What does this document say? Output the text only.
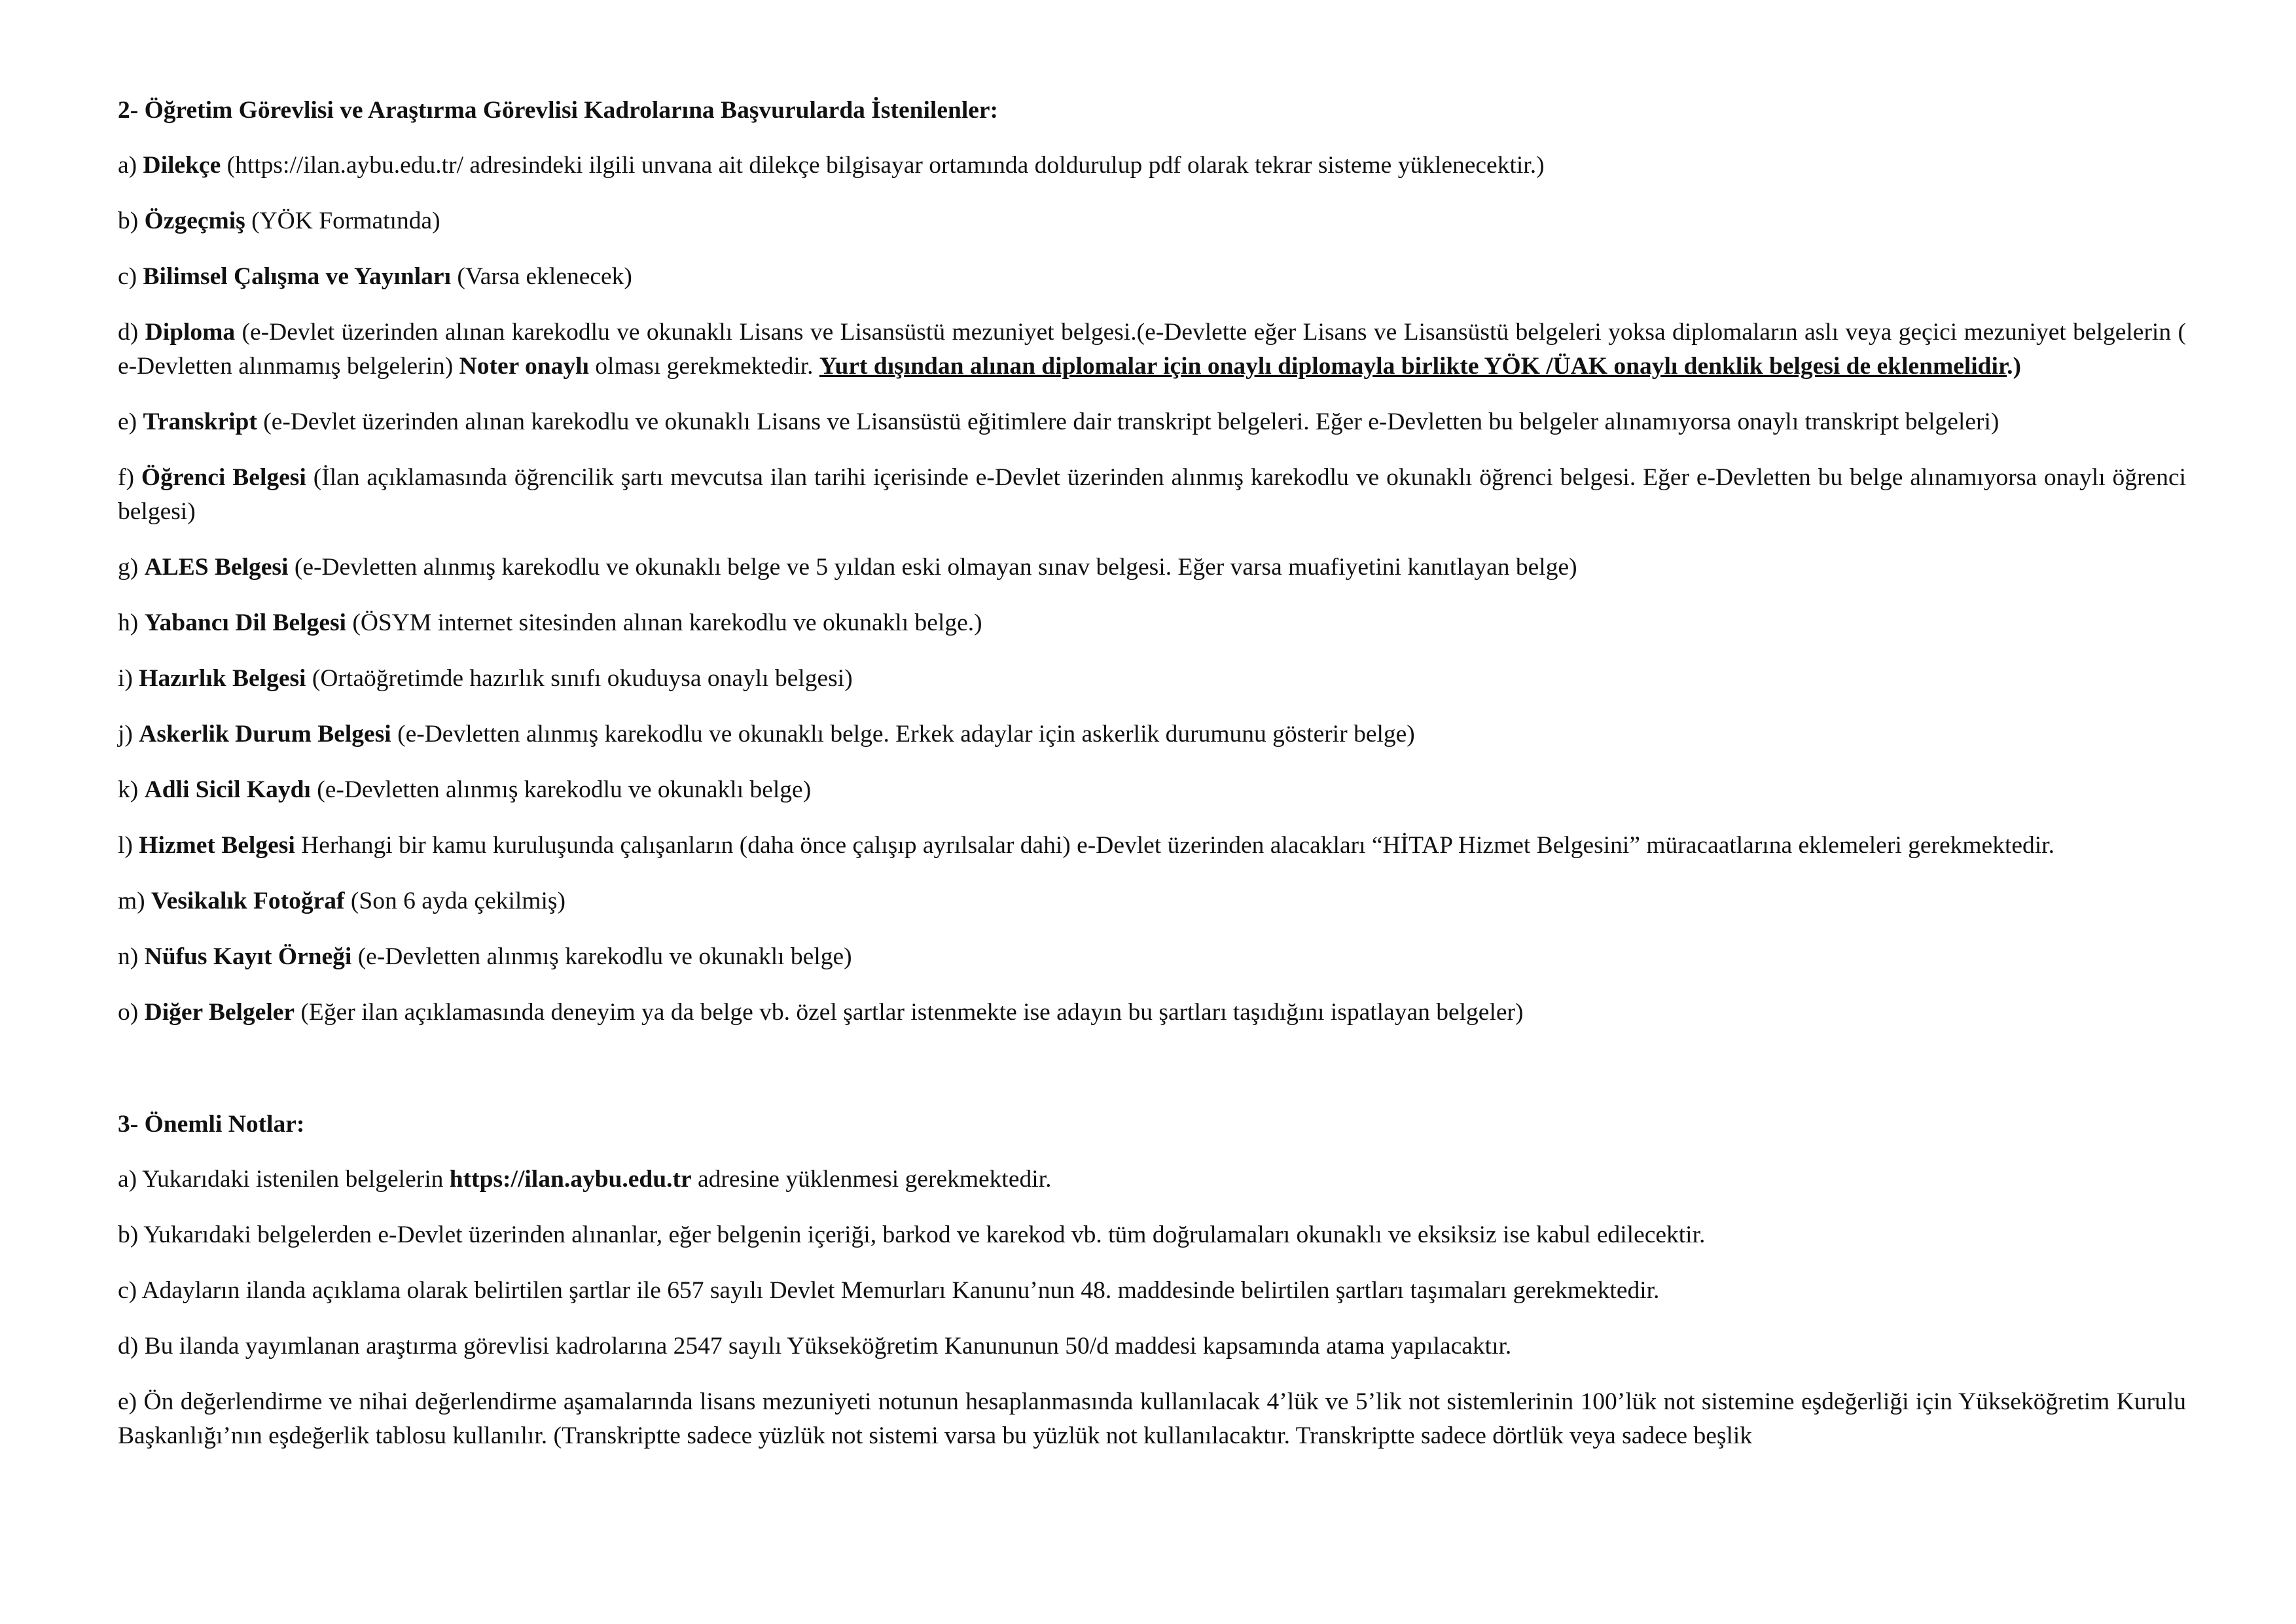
2- Öğretim Görevlisi ve Araştırma Görevlisi Kadrolarına Başvurularda İstenilenler:

a) Dilekçe (https://ilan.aybu.edu.tr/ adresindeki ilgili unvana ait dilekçe bilgisayar ortamında doldurulup pdf olarak tekrar sisteme yüklenecektir.)

b) Özgeçmiş (YÖK Formatında)

c) Bilimsel Çalışma ve Yayınları (Varsa eklenecek)

d) Diploma (e-Devlet üzerinden alınan karekodlu ve okunaklı Lisans ve Lisansüstü mezuniyet belgesi.(e-Devlette eğer Lisans ve Lisansüstü belgeleri yoksa diplomaların aslı veya geçici mezuniyet belgelerin ( e-Devletten alınmamış belgelerin) Noter onaylı olması gerekmektedir. Yurt dışından alınan diplomalar için onaylı diplomayla birlikte YÖK /ÜAK onaylı denklik belgesi de eklenmelidir.)

e) Transkript (e-Devlet üzerinden alınan karekodlu ve okunaklı Lisans ve Lisansüstü eğitimlere dair transkript belgeleri. Eğer e-Devletten bu belgeler alınamıyorsa onaylı transkript belgeleri)

f) Öğrenci Belgesi (İlan açıklamasında öğrencilik şartı mevcutsa ilan tarihi içerisinde e-Devlet üzerinden alınmış karekodlu ve okunaklı öğrenci belgesi. Eğer e-Devletten bu belge alınamıyorsa onaylı öğrenci belgesi)

g) ALES Belgesi (e-Devletten alınmış karekodlu ve okunaklı belge ve 5 yıldan eski olmayan sınav belgesi. Eğer varsa muafiyetini kanıtlayan belge)

h) Yabancı Dil Belgesi (ÖSYM internet sitesinden alınan karekodlu ve okunaklı belge.)

i) Hazırlık Belgesi (Ortaöğretimde hazırlık sınıfı okuduysa onaylı belgesi)

j) Askerlik Durum Belgesi (e-Devletten alınmış karekodlu ve okunaklı belge. Erkek adaylar için askerlik durumunu gösterir belge)

k) Adli Sicil Kaydı (e-Devletten alınmış karekodlu ve okunaklı belge)

l) Hizmet Belgesi Herhangi bir kamu kuruluşunda çalışanların (daha önce çalışıp ayrılsalar dahi) e-Devlet üzerinden alacakları “HİTAP Hizmet Belgesini” müracaatlarına eklemeleri gerekmektedir.

m) Vesikalık Fotoğraf (Son 6 ayda çekilmiş)

n) Nüfus Kayıt Örneği (e-Devletten alınmış karekodlu ve okunaklı belge)

o) Diğer Belgeler (Eğer ilan açıklamasında deneyim ya da belge vb. özel şartlar istenmekte ise adayın bu şartları taşıdığını ispatlayan belgeler)

3- Önemli Notlar:

a) Yukarıdaki istenilen belgelerin https://ilan.aybu.edu.tr adresine yüklenmesi gerekmektedir.

b) Yukarıdaki belgelerden e-Devlet üzerinden alınanlar, eğer belgenin içeriği, barkod ve karekod vb. tüm doğrulamaları okunaklı ve eksiksiz ise kabul edilecektir.

c) Adayların ilanda açıklama olarak belirtilen şartlar ile 657 sayılı Devlet Memurları Kanunu’nun 48. maddesinde belirtilen şartları taşımaları gerekmektedir.

d) Bu ilanda yayımlanan araştırma görevlisi kadrolarına 2547 sayılı Yükseköğretim Kanununun 50/d maddesi kapsamında atama yapılacaktır.

e) Ön değerlendirme ve nihai değerlendirme aşamalarında lisans mezuniyeti notunun hesaplanmasında kullanılacak 4’lük ve 5’lik not sistemlerinin 100’lük not sistemine eşdeğerliği için Yükseköğretim Kurulu Başkanlığı’nın eşdeğerlik tablosu kullanılır. (Transkriptte sadece yüzlük not sistemi varsa bu yüzlük not kullanılacaktır. Transkriptte sadece dörtlük veya sadece beşlik
